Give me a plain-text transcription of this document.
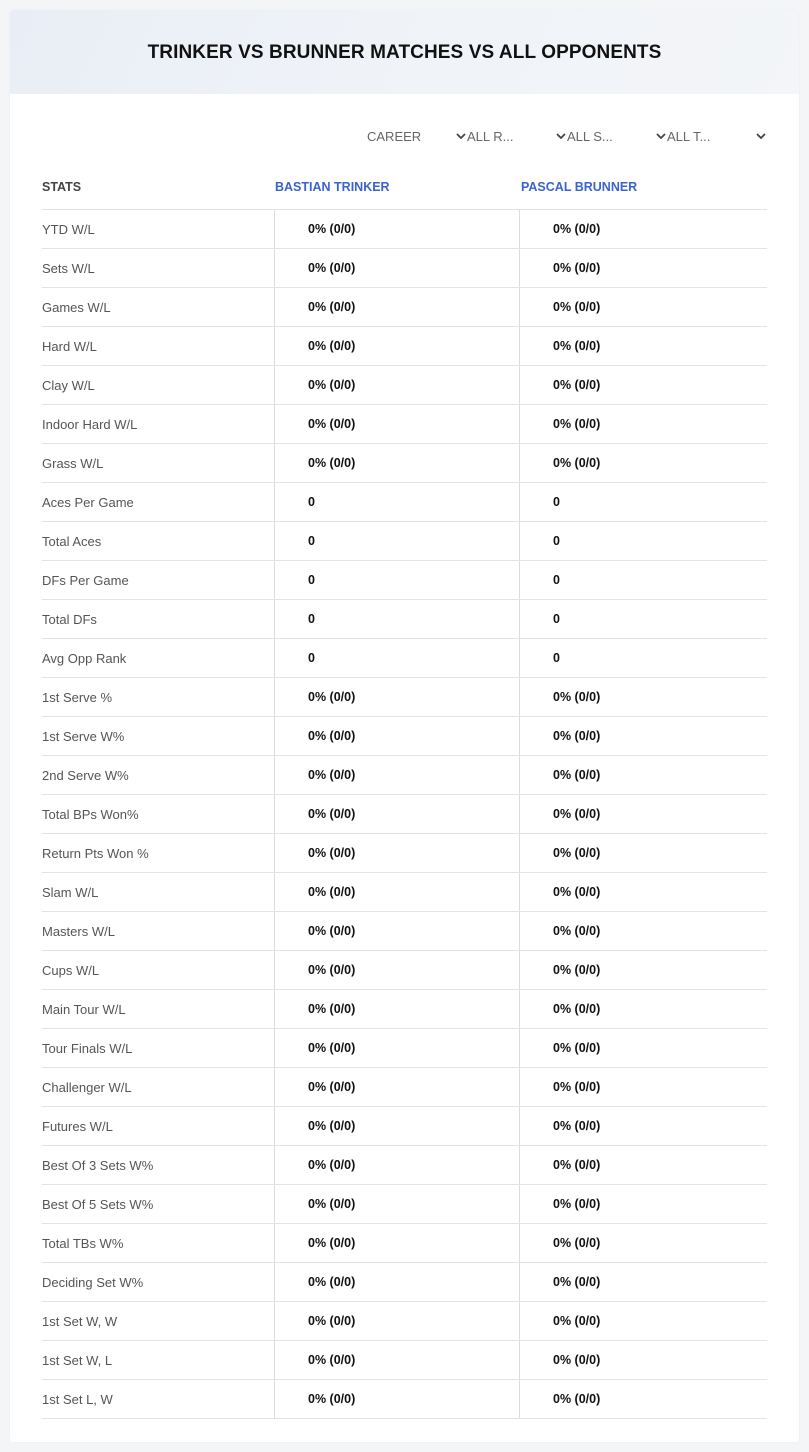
TRINKER VS BRUNNER MATCHES VS ALL OPPONENTS
CAREER	ALL R...	ALL S...	ALL T...
STATS	BASTIAN TRINKER	PASCAL BRUNNER
YTD W/L	0% (0/0)	0% (0/0)
Sets W/L	0% (0/0)	0% (0/0)
Games W/L	0% (0/0)	0% (0/0)
Hard W/L	0% (0/0)	0% (0/0)
Clay W/L	0% (0/0)	0% (0/0)
Indoor Hard W/L	0% (0/0)	0% (0/0)
Grass W/L	0% (0/0)	0% (0/0)
Aces Per Game	0	0
Total Aces	0	0
DFs Per Game	0	0
Total DFs	0	0
Avg Opp Rank	0	0
1st Serve %	0% (0/0)	0% (0/0)
1st Serve W%	0% (0/0)	0% (0/0)
2nd Serve W%	0% (0/0)	0% (0/0)
Total BPs Won%	0% (0/0)	0% (0/0)
Return Pts Won %	0% (0/0)	0% (0/0)
Slam W/L	0% (0/0)	0% (0/0)
Masters W/L	0% (0/0)	0% (0/0)
Cups W/L	0% (0/0)	0% (0/0)
Main Tour W/L	0% (0/0)	0% (0/0)
Tour Finals W/L	0% (0/0)	0% (0/0)
Challenger W/L	0% (0/0)	0% (0/0)
Futures W/L	0% (0/0)	0% (0/0)
Best Of 3 Sets W%	0% (0/0)	0% (0/0)
Best Of 5 Sets W%	0% (0/0)	0% (0/0)
Total TBs W%	0% (0/0)	0% (0/0)
Deciding Set W%	0% (0/0)	0% (0/0)
1st Set W, W	0% (0/0)	0% (0/0)
1st Set W, L	0% (0/0)	0% (0/0)
1st Set L, W	0% (0/0)	0% (0/0)
